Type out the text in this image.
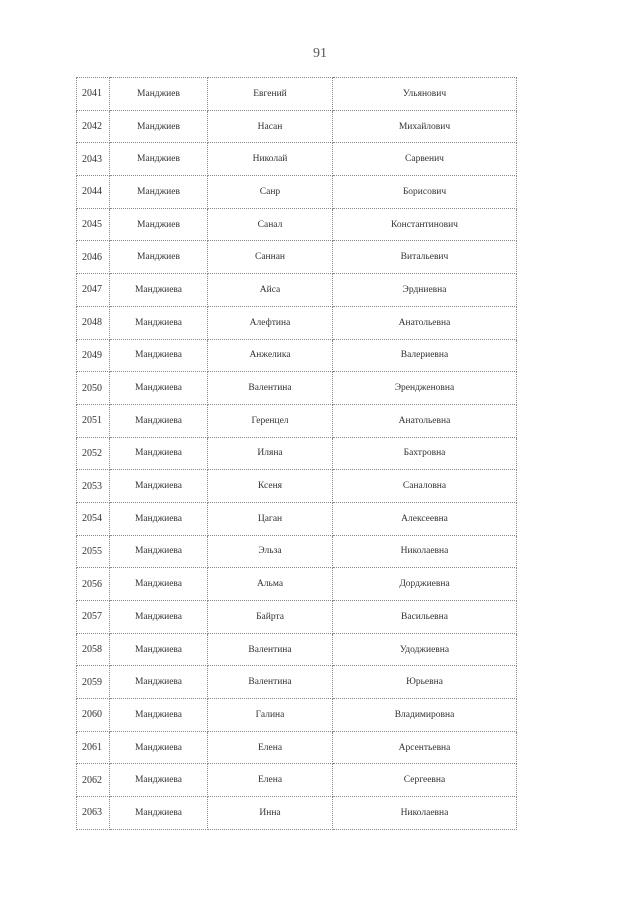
91
2041	Манджиев	Евгений	Ульянович
2042	Манджиев	Насан	Михайлович
2043	Манджиев	Николай	Сарвенич
2044	Манджиев	Санр	Борисович
2045	Манджиев	Санал	Константинович
2046	Манджиев	Саннан	Витальевич
2047	Манджиева	Айса	Эрдниевна
2048	Манджиева	Алефтина	Анатольевна
2049	Манджиева	Анжелика	Валериевна
2050	Манджиева	Валентина	Эрендженовна
2051	Манджиева	Геренцел	Анатольевна
2052	Манджиева	Иляна	Бахтровна
2053	Манджиева	Ксеня	Саналовна
2054	Манджиева	Цаган	Алексеевна
2055	Манджиева	Эльза	Николаевна
2056	Манджиева	Альма	Дорджиевна
2057	Манджиева	Байрта	Васильевна
2058	Манджиева	Валентина	Удоджиевна
2059	Манджиева	Валентина	Юрьевна
2060	Манджиева	Галина	Владимировна
2061	Манджиева	Елена	Арсентьевна
2062	Манджиева	Елена	Сергеевна
2063	Манджиева	Инна	Николаевна
